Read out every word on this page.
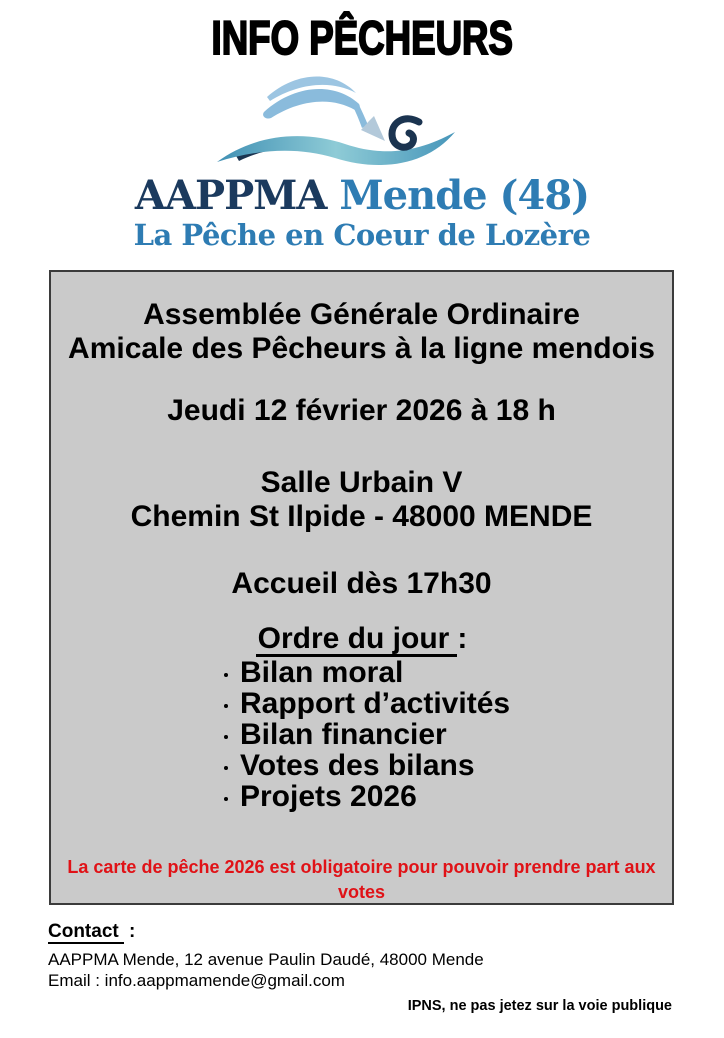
INFO PÊCHEURS
AAPPMA Mende (48)
La Pêche en Coeur de Lozère
Assemblée Générale Ordinaire
Amicale des Pêcheurs à la ligne mendois
Jeudi 12 février 2026 à 18 h
Salle Urbain V
Chemin St Ilpide - 48000 MENDE
Accueil dès 17h30
Ordre du jour :
Bilan moral
Rapport d’activités
Bilan financier
Votes des bilans
Projets 2026
La carte de pêche 2026 est obligatoire pour pouvoir prendre part aux votes
Contact :
AAPPMA Mende, 12 avenue Paulin Daudé, 48000 Mende
Email : info.aappmamende@gmail.com
IPNS, ne pas jetez sur la voie publique
